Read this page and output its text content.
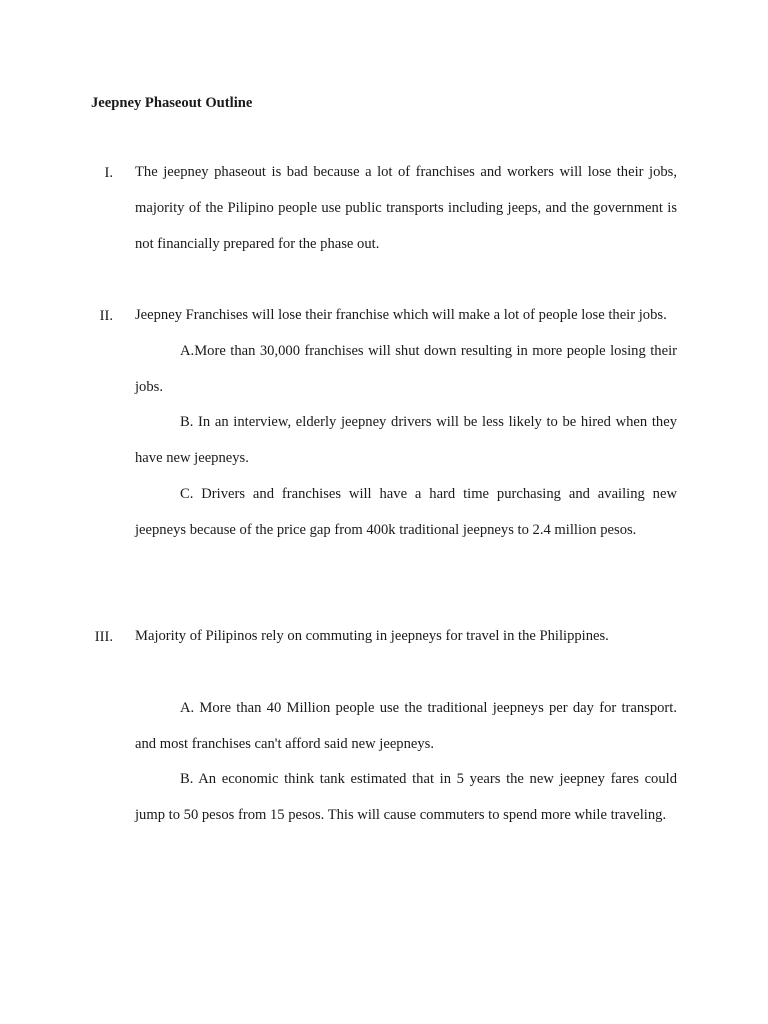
Jeepney Phaseout Outline
I. The jeepney phaseout is bad because a lot of franchises and workers will lose their jobs, majority of the Pilipino people use public transports including jeeps, and the government is not financially prepared for the phase out.

II. Jeepney Franchises will lose their franchise which will make a lot of people lose their jobs.

A.More than 30,000 franchises will shut down resulting in more people losing their jobs.

B. In an interview, elderly jeepney drivers will be less likely to be hired when they have new jeepneys.

C. Drivers and franchises will have a hard time purchasing and availing new jeepneys because of the price gap from 400k traditional jeepneys to 2.4 million pesos.

III. Majority of Pilipinos rely on commuting in jeepneys for travel in the Philippines.

A. More than 40 Million people use the traditional jeepneys per day for transport. and most franchises can't afford said new jeepneys.

B. An economic think tank estimated that in 5 years the new jeepney fares could jump to 50 pesos from 15 pesos. This will cause commuters to spend more while traveling.
